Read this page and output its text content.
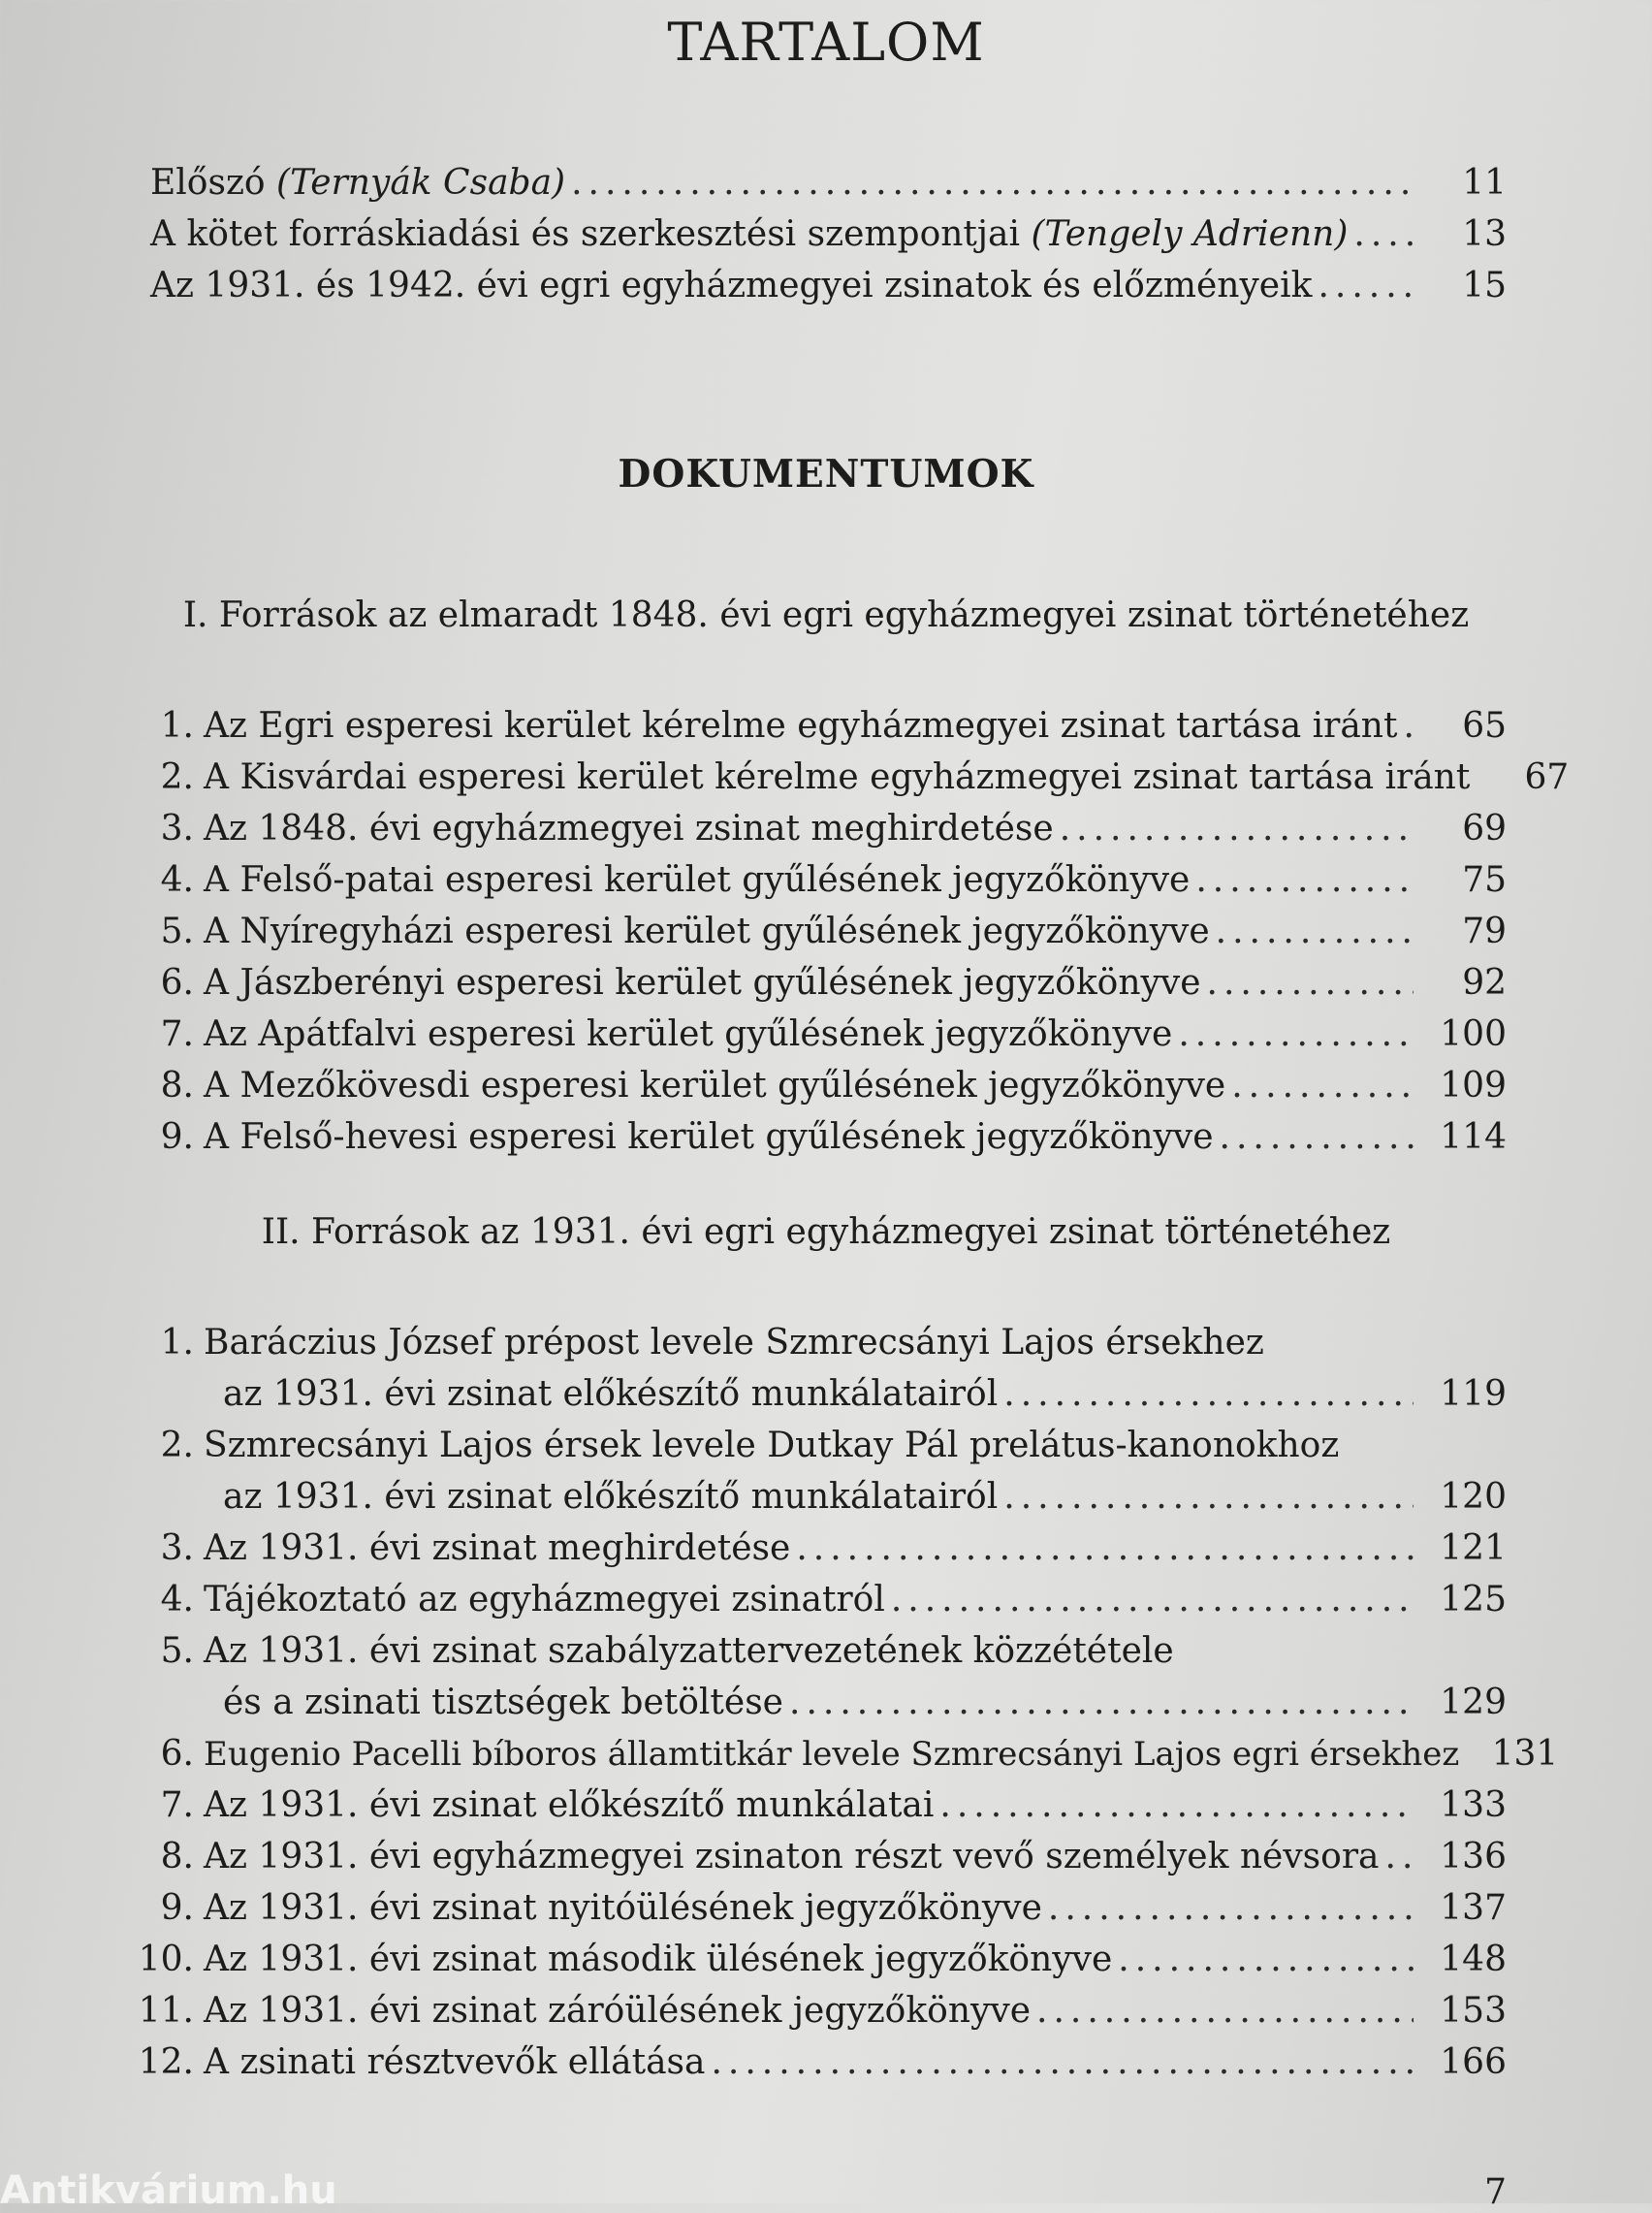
TARTALOM
Előszó (Ternyák Csaba) .....	11
A kötet forráskiadási és szerkesztési szempontjai (Tengely Adrienn) .....	13
Az 1931. és 1942. évi egri egyházmegyei zsinatok és előzményeik .....	15
DOKUMENTUMOK
I. Források az elmaradt 1848. évi egri egyházmegyei zsinat történetéhez
1. Az Egri esperesi kerület kérelme egyházmegyei zsinat tartása iránt .....	65
2. A Kisvárdai esperesi kerület kérelme egyházmegyei zsinat tartása iránt	67
3. Az 1848. évi egyházmegyei zsinat meghirdetése .....	69
4. A Felső-patai esperesi kerület gyűlésének jegyzőkönyve .....	75
5. A Nyíregyházi esperesi kerület gyűlésének jegyzőkönyve .....	79
6. A Jászberényi esperesi kerület gyűlésének jegyzőkönyve .....	92
7. Az Apátfalvi esperesi kerület gyűlésének jegyzőkönyve .....	100
8. A Mezőkövesdi esperesi kerület gyűlésének jegyzőkönyve .....	109
9. A Felső-hevesi esperesi kerület gyűlésének jegyzőkönyve .....	114
II. Források az 1931. évi egri egyházmegyei zsinat történetéhez
1. Baráczius József prépost levele Szmrecsányi Lajos érsekhez
az 1931. évi zsinat előkészítő munkálatairól .....	119
2. Szmrecsányi Lajos érsek levele Dutkay Pál prelátus-kanonokhoz
az 1931. évi zsinat előkészítő munkálatairól .....	120
3. Az 1931. évi zsinat meghirdetése .....	121
4. Tájékoztató az egyházmegyei zsinatról .....	125
5. Az 1931. évi zsinat szabályzattervezetének közzététele
és a zsinati tisztségek betöltése .....	129
6. Eugenio Pacelli bíboros államtitkár levele Szmrecsányi Lajos egri érsekhez 131
7. Az 1931. évi zsinat előkészítő munkálatai .....	133
8. Az 1931. évi egyházmegyei zsinaton részt vevő személyek névsora .....	136
9. Az 1931. évi zsinat nyitóülésének jegyzőkönyve .....	137
10. Az 1931. évi zsinat második ülésének jegyzőkönyve .....	148
11. Az 1931. évi zsinat záróülésének jegyzőkönyve .....	153
12. A zsinati résztvevők ellátása .....	166
Antikvárium.hu	7
